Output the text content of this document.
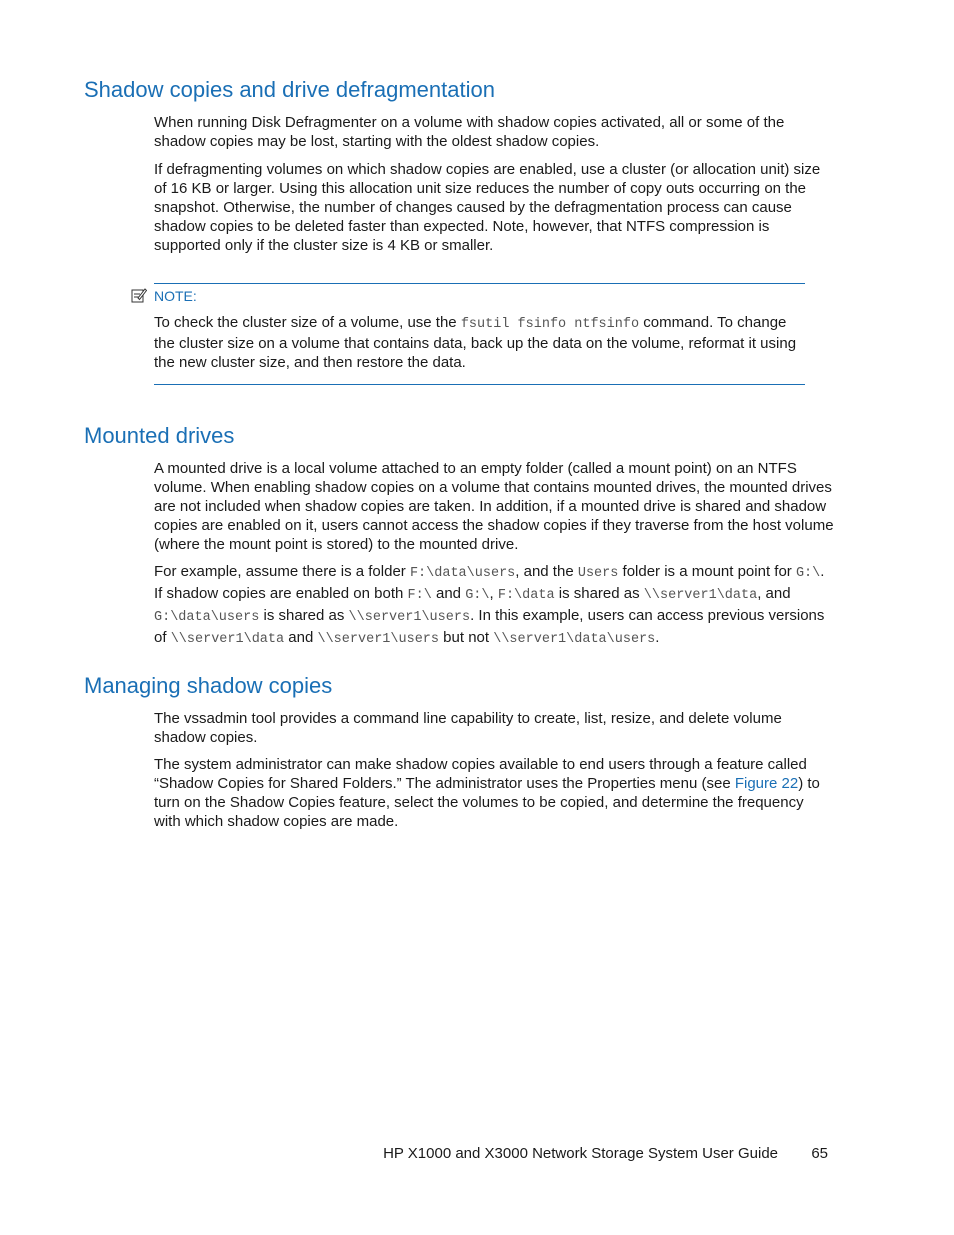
Shadow copies and drive defragmentation

When running Disk Defragmenter on a volume with shadow copies activated, all or some of the shadow copies may be lost, starting with the oldest shadow copies.

If defragmenting volumes on which shadow copies are enabled, use a cluster (or allocation unit) size of 16 KB or larger. Using this allocation unit size reduces the number of copy outs occurring on the snapshot. Otherwise, the number of changes caused by the defragmentation process can cause shadow copies to be deleted faster than expected. Note, however, that NTFS compression is supported only if the cluster size is 4 KB or smaller.

NOTE:

To check the cluster size of a volume, use the fsutil fsinfo ntfsinfo command. To change the cluster size on a volume that contains data, back up the data on the volume, reformat it using the new cluster size, and then restore the data.

Mounted drives

A mounted drive is a local volume attached to an empty folder (called a mount point) on an NTFS volume. When enabling shadow copies on a volume that contains mounted drives, the mounted drives are not included when shadow copies are taken. In addition, if a mounted drive is shared and shadow copies are enabled on it, users cannot access the shadow copies if they traverse from the host volume (where the mount point is stored) to the mounted drive.

For example, assume there is a folder F:\data\users, and the Users folder is a mount point for G:\. If shadow copies are enabled on both F:\ and G:\, F:\data is shared as \\server1\data, and G:\data\users is shared as \\server1\users. In this example, users can access previous versions of \\server1\data and \\server1\users but not \\server1\data\users.

Managing shadow copies

The vssadmin tool provides a command line capability to create, list, resize, and delete volume shadow copies.

The system administrator can make shadow copies available to end users through a feature called “Shadow Copies for Shared Folders.” The administrator uses the Properties menu (see Figure 22) to turn on the Shadow Copies feature, select the volumes to be copied, and determine the frequency with which shadow copies are made.

HP X1000 and X3000 Network Storage System User Guide 65
